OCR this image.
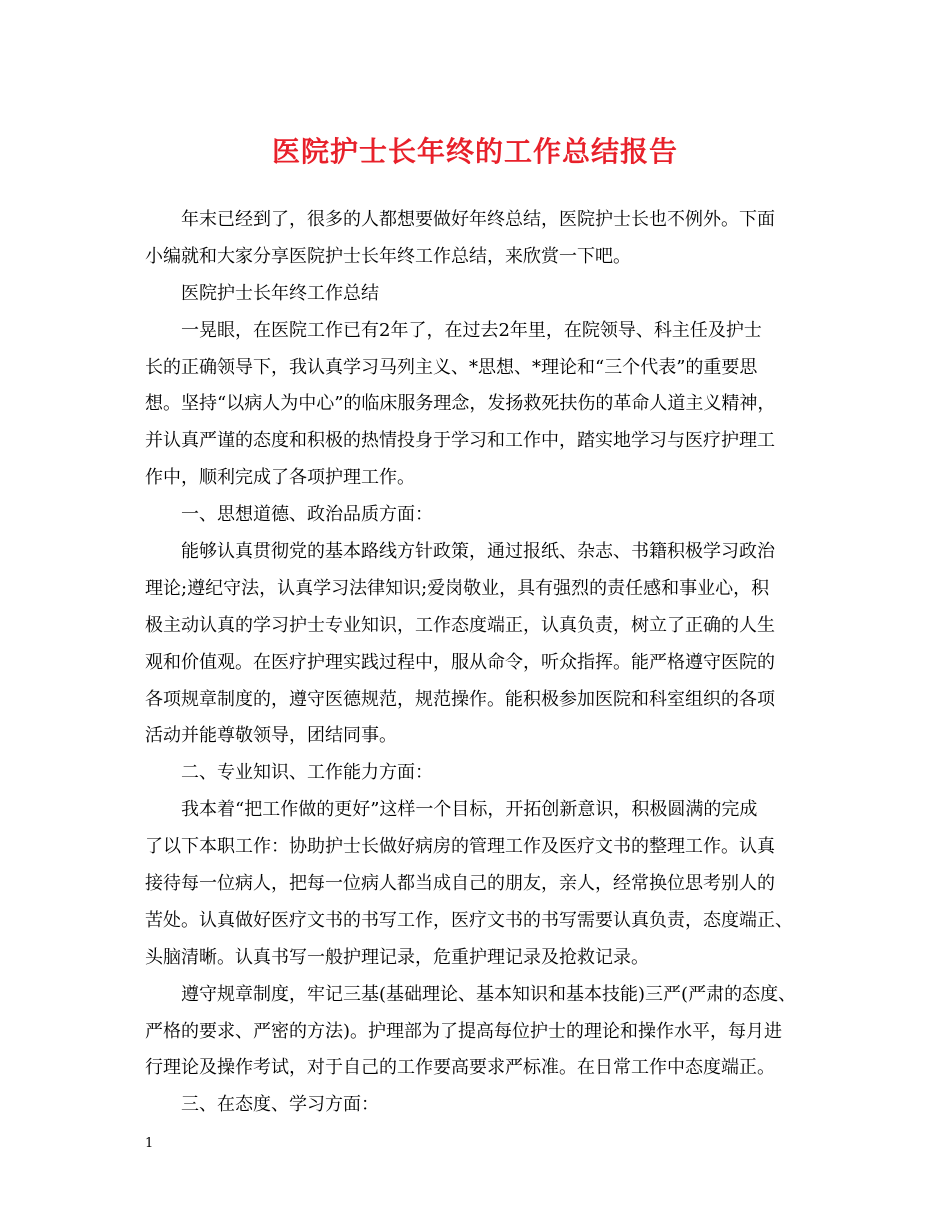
医院护士长年终的工作总结报告
年末已经到了，很多的人都想要做好年终总结，医院护士长也不例外。下面
小编就和大家分享医院护士长年终工作总结，来欣赏一下吧。
医院护士长年终工作总结
一晃眼，在医院工作已有2年了，在过去2年里，在院领导、科主任及护士
长的正确领导下，我认真学习马列主义、*思想、*理论和“三个代表”的重要思
想。坚持“以病人为中心”的临床服务理念，发扬救死扶伤的革命人道主义精神，
并认真严谨的态度和积极的热情投身于学习和工作中，踏实地学习与医疗护理工
作中，顺利完成了各项护理工作。
一、思想道德、政治品质方面：
能够认真贯彻党的基本路线方针政策，通过报纸、杂志、书籍积极学习政治
理论;遵纪守法，认真学习法律知识;爱岗敬业，具有强烈的责任感和事业心，积
极主动认真的学习护士专业知识，工作态度端正，认真负责，树立了正确的人生
观和价值观。在医疗护理实践过程中，服从命令，听众指挥。能严格遵守医院的
各项规章制度的，遵守医德规范，规范操作。能积极参加医院和科室组织的各项
活动并能尊敬领导，团结同事。
二、专业知识、工作能力方面：
我本着“把工作做的更好”这样一个目标，开拓创新意识，积极圆满的完成
了以下本职工作：协助护士长做好病房的管理工作及医疗文书的整理工作。认真
接待每一位病人，把每一位病人都当成自己的朋友，亲人，经常换位思考别人的
苦处。认真做好医疗文书的书写工作，医疗文书的书写需要认真负责，态度端正、
头脑清晰。认真书写一般护理记录，危重护理记录及抢救记录。
遵守规章制度，牢记三基(基础理论、基本知识和基本技能)三严(严肃的态度、
严格的要求、严密的方法)。护理部为了提高每位护士的理论和操作水平，每月进
行理论及操作考试，对于自己的工作要高要求严标准。在日常工作中态度端正。
三、在态度、学习方面：
1
